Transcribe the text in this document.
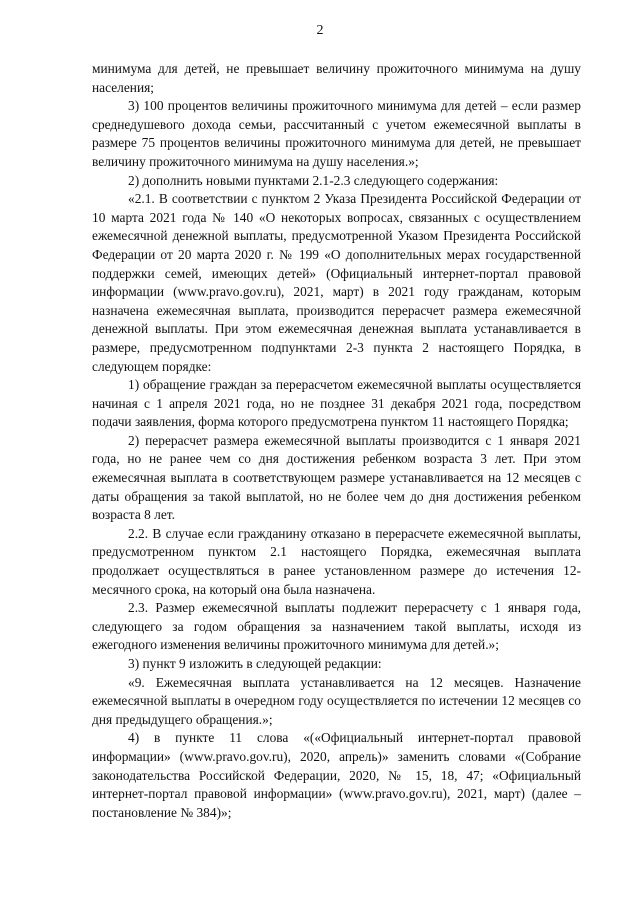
2

минимума для детей, не превышает величину прожиточного минимума на душу населения;

3) 100 процентов величины прожиточного минимума для детей – если размер среднедушевого дохода семьи, рассчитанный с учетом ежемесячной выплаты в размере 75 процентов величины прожиточного минимума для детей, не превышает величину прожиточного минимума на душу населения.»;

2) дополнить новыми пунктами 2.1-2.3 следующего содержания:

«2.1. В соответствии с пунктом 2 Указа Президента Российской Федерации от 10 марта 2021 года № 140 «О некоторых вопросах, связанных с осуществлением ежемесячной денежной выплаты, предусмотренной Указом Президента Российской Федерации от 20 марта 2020 г. № 199 «О дополнительных мерах государственной поддержки семей, имеющих детей» (Официальный интернет-портал правовой информации (www.pravo.gov.ru), 2021, март) в 2021 году гражданам, которым назначена ежемесячная выплата, производится перерасчет размера ежемесячной денежной выплаты. При этом ежемесячная денежная выплата устанавливается в размере, предусмотренном подпунктами 2-3 пункта 2 настоящего Порядка, в следующем порядке:

1) обращение граждан за перерасчетом ежемесячной выплаты осуществляется начиная с 1 апреля 2021 года, но не позднее 31 декабря 2021 года, посредством подачи заявления, форма которого предусмотрена пунктом 11 настоящего Порядка;

2) перерасчет размера ежемесячной выплаты производится с 1 января 2021 года, но не ранее чем со дня достижения ребенком возраста 3 лет. При этом ежемесячная выплата в соответствующем размере устанавливается на 12 месяцев с даты обращения за такой выплатой, но не более чем до дня достижения ребенком возраста 8 лет.

2.2. В случае если гражданину отказано в перерасчете ежемесячной выплаты, предусмотренном пунктом 2.1 настоящего Порядка, ежемесячная выплата продолжает осуществляться в ранее установленном размере до истечения 12-месячного срока, на который она была назначена.

2.3. Размер ежемесячной выплаты подлежит перерасчету с 1 января года, следующего за годом обращения за назначением такой выплаты, исходя из ежегодного изменения величины прожиточного минимума для детей.»;

3) пункт 9 изложить в следующей редакции:

«9. Ежемесячная выплата устанавливается на 12 месяцев. Назначение ежемесячной выплаты в очередном году осуществляется по истечении 12 месяцев со дня предыдущего обращения.»;

4) в пункте 11 слова «(«Официальный интернет-портал правовой информации» (www.pravo.gov.ru), 2020, апрель)» заменить словами «(Собрание законодательства Российской Федерации, 2020, № 15, 18, 47; «Официальный интернет-портал правовой информации» (www.pravo.gov.ru), 2021, март) (далее – постановление № 384)»;
